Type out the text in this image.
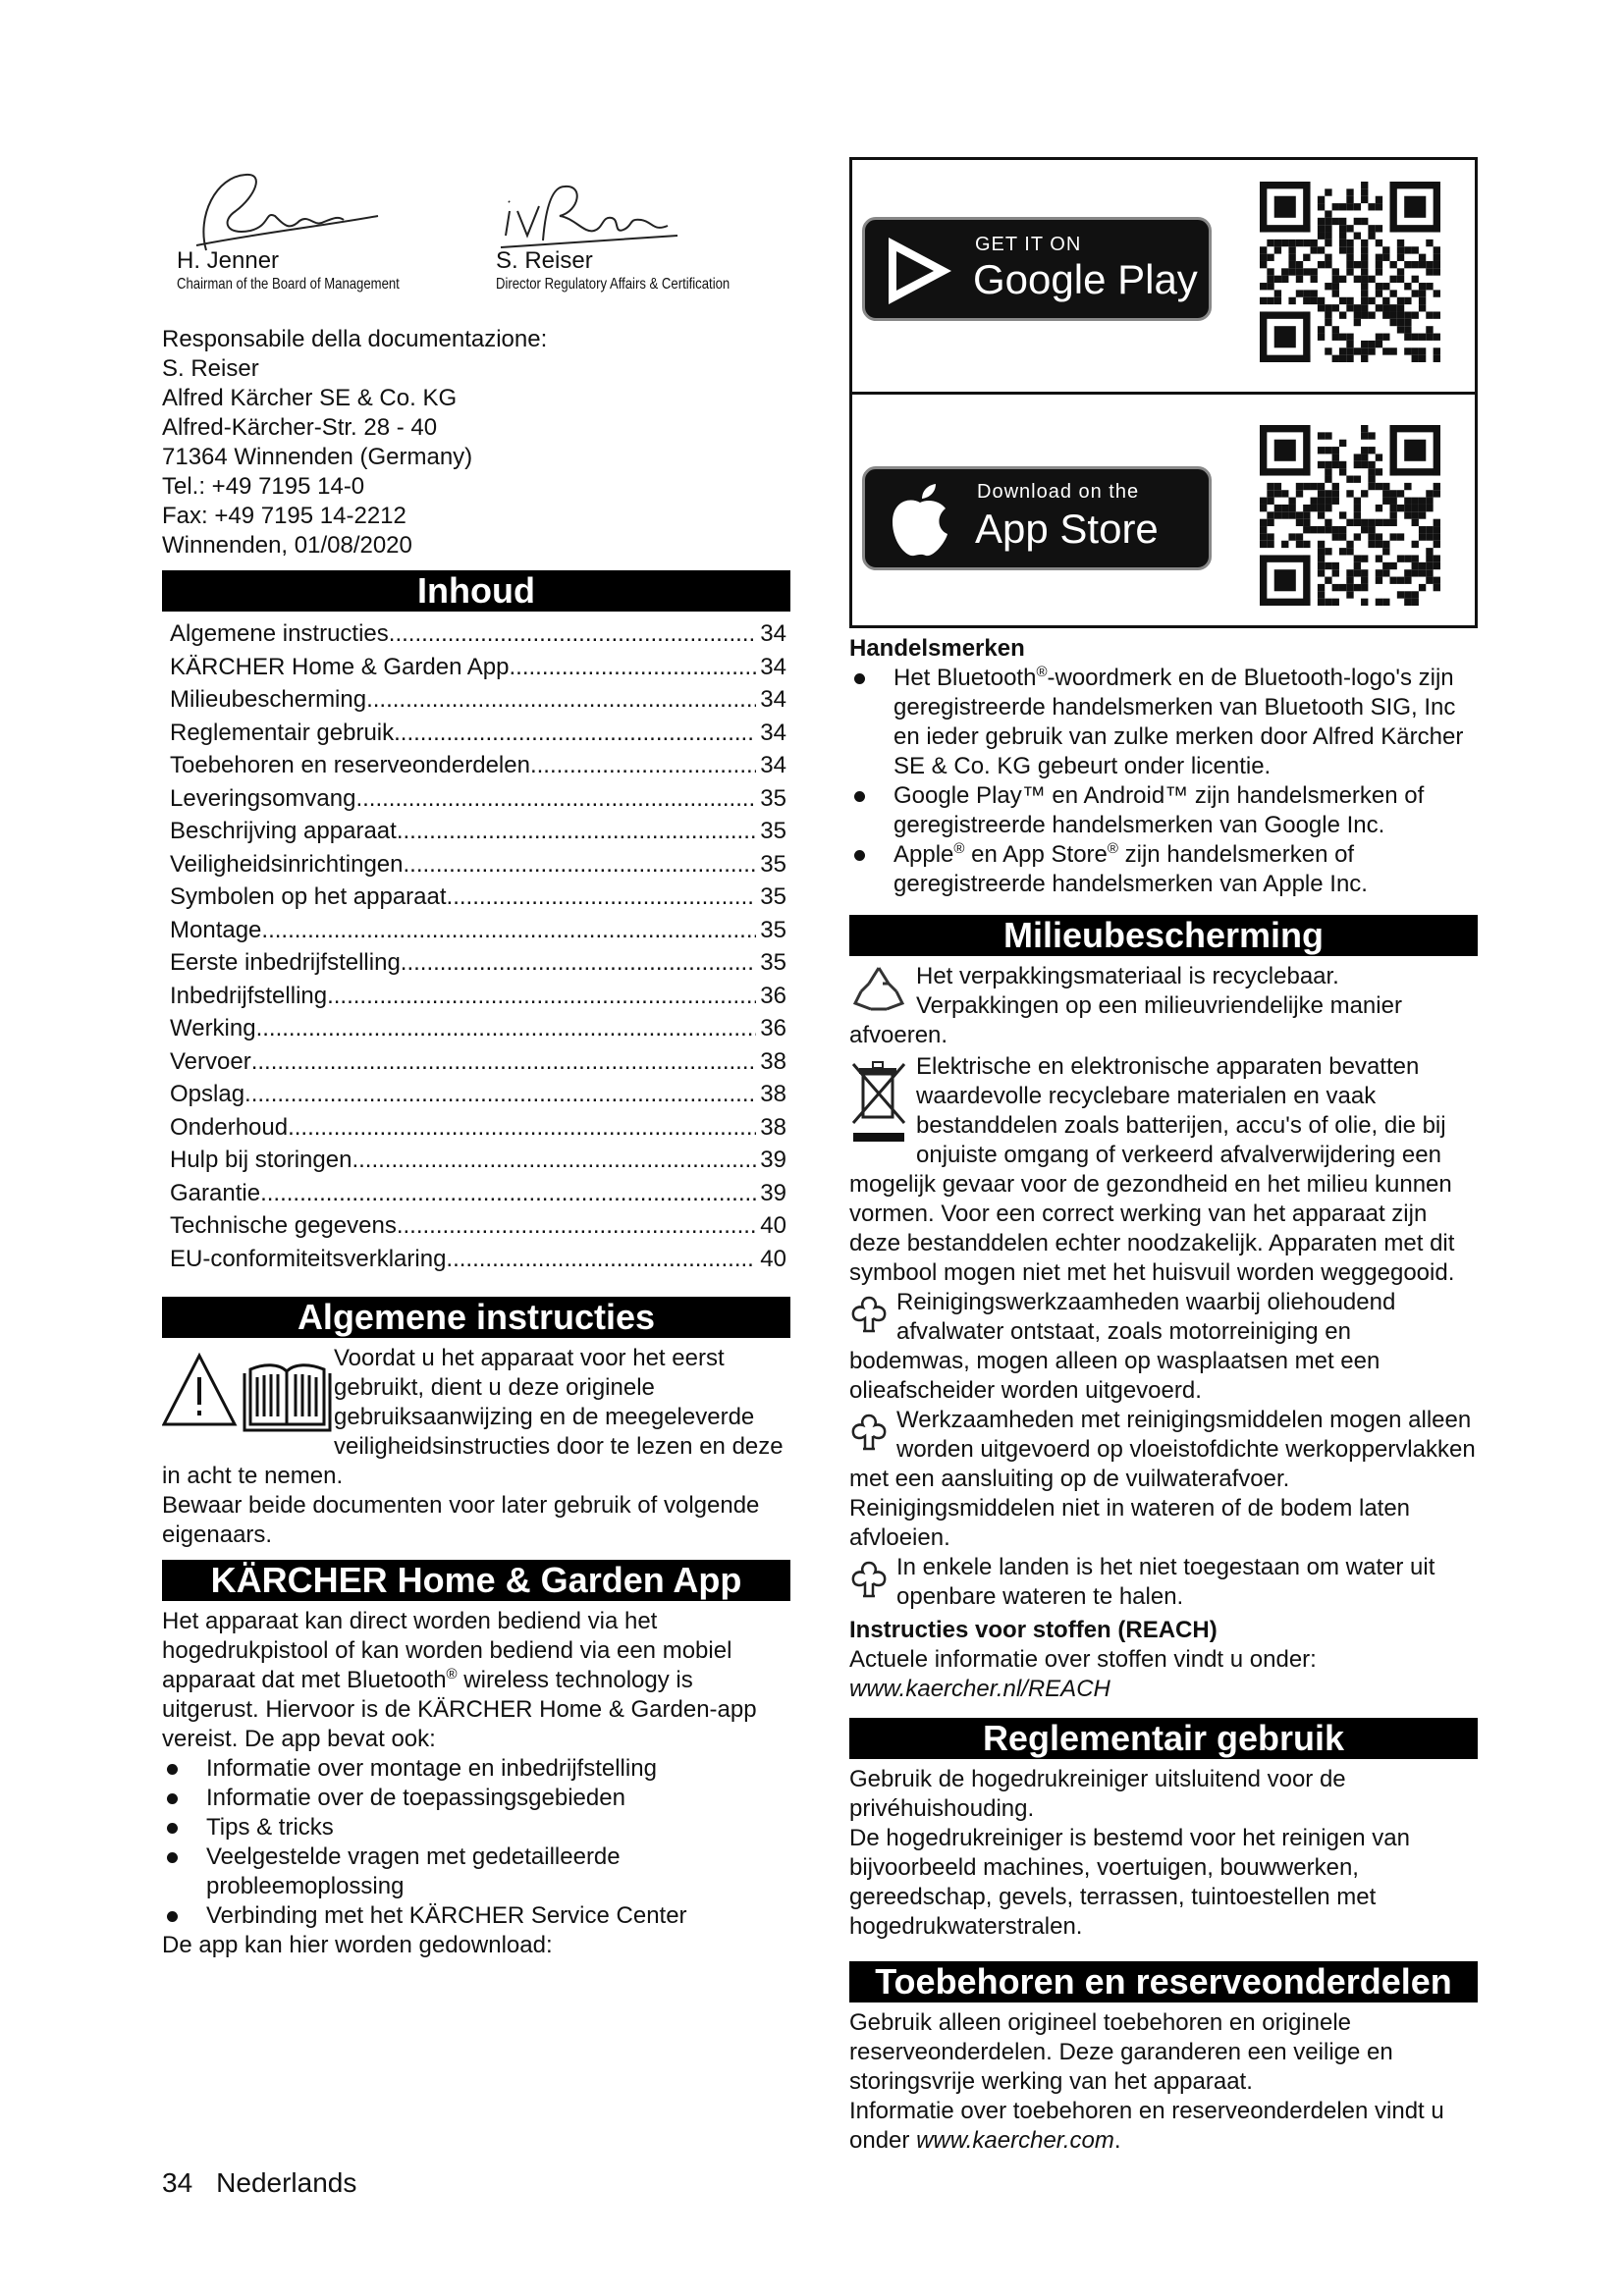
H. Jenner
Chairman of the Board of Management
S. Reiser
Director Regulatory Affairs & Certification
Responsabile della documentazione:
S. Reiser
Alfred Kärcher SE & Co. KG
Alfred-Kärcher-Str. 28 - 40
71364 Winnenden (Germany)
Tel.: +49 7195 14-0
Fax: +49 7195 14-2212
Winnenden, 01/08/2020
Inhoud
Algemene instructies .....	34
KÄRCHER Home & Garden App .....	34
Milieubescherming .....	34
Reglementair gebruik .....	34
Toebehoren en reserveonderdelen .....	34
Leveringsomvang .....	35
Beschrijving apparaat .....	35
Veiligheidsinrichtingen .....	35
Symbolen op het apparaat .....	35
Montage .....	35
Eerste inbedrijfstelling .....	35
Inbedrijfstelling .....	36
Werking .....	36
Vervoer .....	38
Opslag .....	38
Onderhoud .....	38
Hulp bij storingen .....	39
Garantie .....	39
Technische gegevens .....	40
EU-conformiteitsverklaring .....	40
Algemene instructies

Voordat u het apparaat voor het eerst gebruikt, dient u deze originele gebruiksaanwijzing en de meegeleverde veiligheidsinstructies door te lezen en deze in acht te nemen.

Bewaar beide documenten voor later gebruik of volgende eigenaars.

KÄRCHER Home & Garden App

Het apparaat kan direct worden bediend via het hogedrukpistool of kan worden bediend via een mobiel apparaat dat met Bluetooth® wireless technology is uitgerust. Hiervoor is de KÄRCHER Home & Garden-app vereist. De app bevat ook:

Informatie over montage en inbedrijfstelling
Informatie over de toepassingsgebieden
Tips & tricks
Veelgestelde vragen met gedetailleerde probleemoplossing
Verbinding met het KÄRCHER Service Center

De app kan hier worden gedownload:

GET IT ON
Google Play
Download on the
App Store
Handelsmerken
Het Bluetooth®-woordmerk en de Bluetooth-logo's zijn geregistreerde handelsmerken van Bluetooth SIG, Inc en ieder gebruik van zulke merken door Alfred Kärcher SE & Co. KG gebeurt onder licentie.
Google Play™ en Android™ zijn handelsmerken of geregistreerde handelsmerken van Google Inc.
Apple® en App Store® zijn handelsmerken of geregistreerde handelsmerken van Apple Inc.
Milieubescherming

Het verpakkingsmateriaal is recyclebaar. Verpakkingen op een milieuvriendelijke manier afvoeren.

Elektrische en elektronische apparaten bevatten waardevolle recyclebare materialen en vaak bestanddelen zoals batterijen, accu's of olie, die bij onjuiste omgang of verkeerd afvalverwijdering een mogelijk gevaar voor de gezondheid en het milieu kunnen vormen. Voor een correct werking van het apparaat zijn deze bestanddelen echter noodzakelijk. Apparaten met dit symbool mogen niet met het huisvuil worden weggegooid.

Reinigingswerkzaamheden waarbij oliehoudend afvalwater ontstaat, zoals motorreiniging en bodemwas, mogen alleen op wasplaatsen met een olieafscheider worden uitgevoerd.

Werkzaamheden met reinigingsmiddelen mogen alleen worden uitgevoerd op vloeistofdichte werkoppervlakken met een aansluiting op de vuilwaterafvoer. Reinigingsmiddelen niet in wateren of de bodem laten afvloeien.

In enkele landen is het niet toegestaan om water uit openbare wateren te halen.

Instructies voor stoffen (REACH)

Actuele informatie over stoffen vindt u onder: www.kaercher.nl/REACH

Reglementair gebruik

Gebruik de hogedrukreiniger uitsluitend voor de privéhuishouding.

De hogedrukreiniger is bestemd voor het reinigen van bijvoorbeeld machines, voertuigen, bouwwerken, gereedschap, gevels, terrassen, tuintoestellen met hogedrukwaterstralen.

Toebehoren en reserveonderdelen

Gebruik alleen origineel toebehoren en originele reserveonderdelen. Deze garanderen een veilige en storingsvrije werking van het apparaat.

Informatie over toebehoren en reserveonderdelen vindt u onder www.kaercher.com.

34 Nederlands
